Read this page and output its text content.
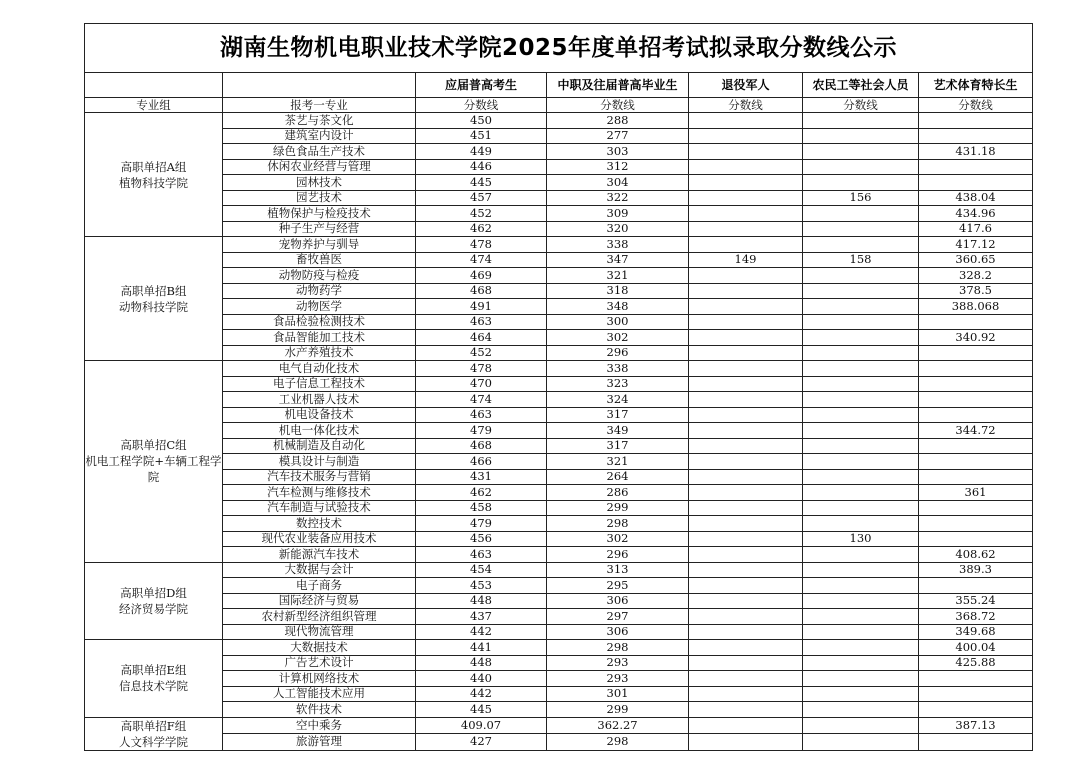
湖南生物机电职业技术学院2025年度单招考试拟录取分数线公示						
		应届普高考生	中职及往届普高毕业生	退役军人	农民工等社会人员	艺术体育特长生
专业组	报考一专业	分数线	分数线	分数线	分数线	分数线

高职单招A组
植物科技学院	茶艺与茶文化	450	288			
	建筑室内设计	451	277			
	绿色食品生产技术	449	303			431.18
	休闲农业经营与管理	446	312			
	园林技术	445	304			
	园艺技术	457	322		156	438.04
	植物保护与检疫技术	452	309			434.96
	种子生产与经营	462	320			417.6

高职单招B组
动物科技学院	宠物养护与驯导	478	338			417.12
	畜牧兽医	474	347	149	158	360.65
	动物防疫与检疫	469	321			328.2
	动物药学	468	318			378.5
	动物医学	491	348			388.068
	食品检验检测技术	463	300			
	食品智能加工技术	464	302			340.92
	水产养殖技术	452	296			

高职单招C组
机电工程学院+车辆工程学院	电气自动化技术	478	338			
	电子信息工程技术	470	323			
	工业机器人技术	474	324			
	机电设备技术	463	317			
	机电一体化技术	479	349			344.72
	机械制造及自动化	468	317			
	模具设计与制造	466	321			
	汽车技术服务与营销	431	264			
	汽车检测与维修技术	462	286			361
	汽车制造与试验技术	458	299			
	数控技术	479	298			
	现代农业装备应用技术	456	302		130	
	新能源汽车技术	463	296			408.62

高职单招D组
经济贸易学院	大数据与会计	454	313			389.3
	电子商务	453	295			
	国际经济与贸易	448	306			355.24
	农村新型经济组织管理	437	297			368.72
	现代物流管理	442	306			349.68

高职单招E组
信息技术学院	大数据技术	441	298			400.04
	广告艺术设计	448	293			425.88
	计算机网络技术	440	293			
	人工智能技术应用	442	301			
	软件技术	445	299			

高职单招F组
人文科学学院	空中乘务	409.07	362.27			387.13
	旅游管理	427	298			
